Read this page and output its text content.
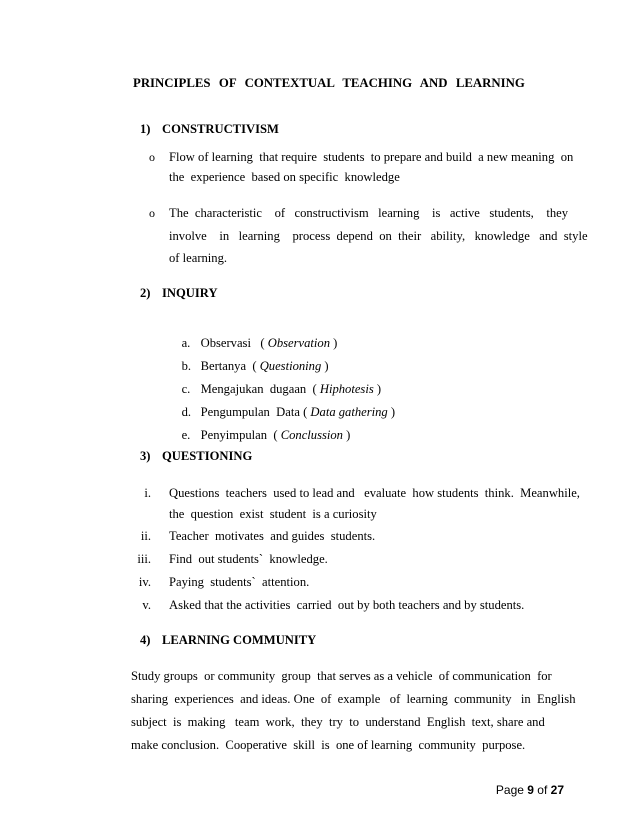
PRINCIPLES  OF  CONTEXTUAL  TEACHING  AND  LEARNING
1) CONSTRUCTIVISM
o Flow of learning  that require  students  to prepare and build  a new meaning  on
the  experience  based on specific  knowledge
o The  characteristic    of   constructivism   learning    is   active   students,    they
involve    in   learning    process  depend  on  their   ability,   knowledge   and  style
of learning.
2) INQUIRY

a. Observasi   ( Observation )

b. Bertanya  ( Questioning )

c. Mengajukan  dugaan  ( Hiphotesis )

d. Pengumpulan  Data ( Data gathering )

e. Penyimpulan  ( Conclussion )

3) QUESTIONING
i. Questions  teachers  used to lead and   evaluate  how students  think.  Meanwhile,
the  question  exist  student  is a curiosity
ii. Teacher  motivates  and guides  students.
iii. Find  out students`  knowledge.
iv. Paying  students`  attention.
v. Asked that the activities  carried  out by both teachers and by students.
4) LEARNING COMMUNITY
Study groups  or community  group  that serves as a vehicle  of communication  for
sharing  experiences  and ideas. One  of  example   of  learning  community   in  English
subject  is  making   team  work,  they  try  to  understand  English  text, share and
make conclusion.  Cooperative  skill  is  one of learning  community  purpose.
Page 9 of 27
